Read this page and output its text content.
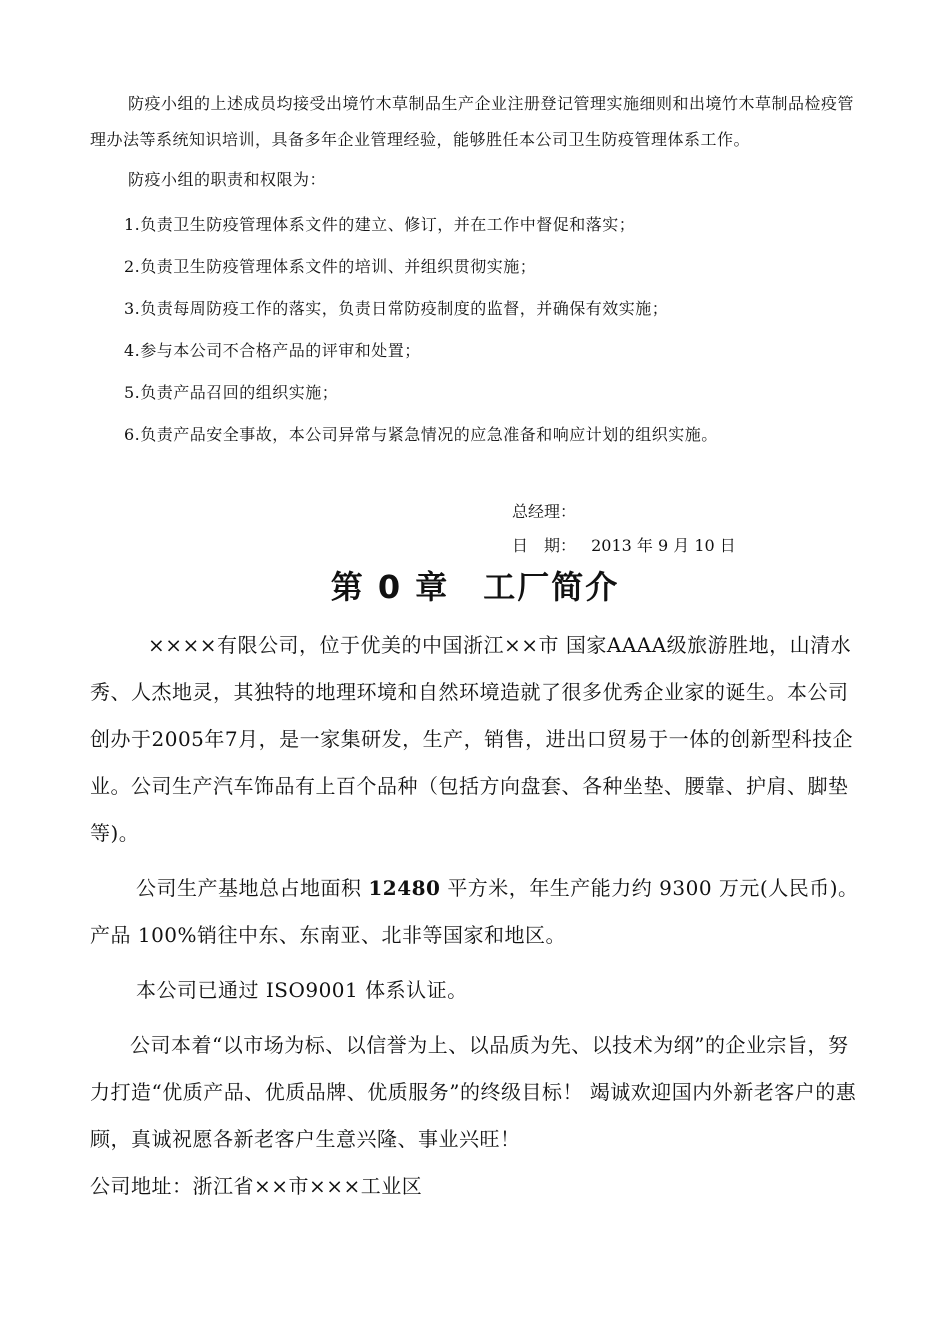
防疫小组的上述成员均接受出境竹木草制品生产企业注册登记管理实施细则和出境竹木草制品检疫管理办法等系统知识培训，具备多年企业管理经验，能够胜任本公司卫生防疫管理体系工作。

防疫小组的职责和权限为：

1.负责卫生防疫管理体系文件的建立、修订，并在工作中督促和落实；

2.负责卫生防疫管理体系文件的培训、并组织贯彻实施；

3.负责每周防疫工作的落实，负责日常防疫制度的监督，并确保有效实施；

4.参与本公司不合格产品的评审和处置；

5.负责产品召回的组织实施；

6.负责产品安全事故，本公司异常与紧急情况的应急准备和响应计划的组织实施。

总经理：
日　期： 2013 年 9 月 10 日
第 0 章　工厂简介

××××有限公司，位于优美的中国浙江××市 国家AAAA级旅游胜地，山清水秀、人杰地灵，其独特的地理环境和自然环境造就了很多优秀企业家的诞生。本公司创办于2005年7月，是一家集研发，生产，销售，进出口贸易于一体的创新型科技企业。公司生产汽车饰品有上百个品种（包括方向盘套、各种坐垫、腰靠、护肩、脚垫等)。

公司生产基地总占地面积 12480 平方米，年生产能力约 9300 万元(人民币)。产品 100%销往中东、东南亚、北非等国家和地区。

本公司已通过 ISO9001 体系认证。

公司本着“以市场为标、以信誉为上、以品质为先、以技术为纲”的企业宗旨，努力打造“优质产品、优质品牌、优质服务”的终级目标！ 竭诚欢迎国内外新老客户的惠顾，真诚祝愿各新老客户生意兴隆、事业兴旺！

公司地址：浙江省××市×××工业区
